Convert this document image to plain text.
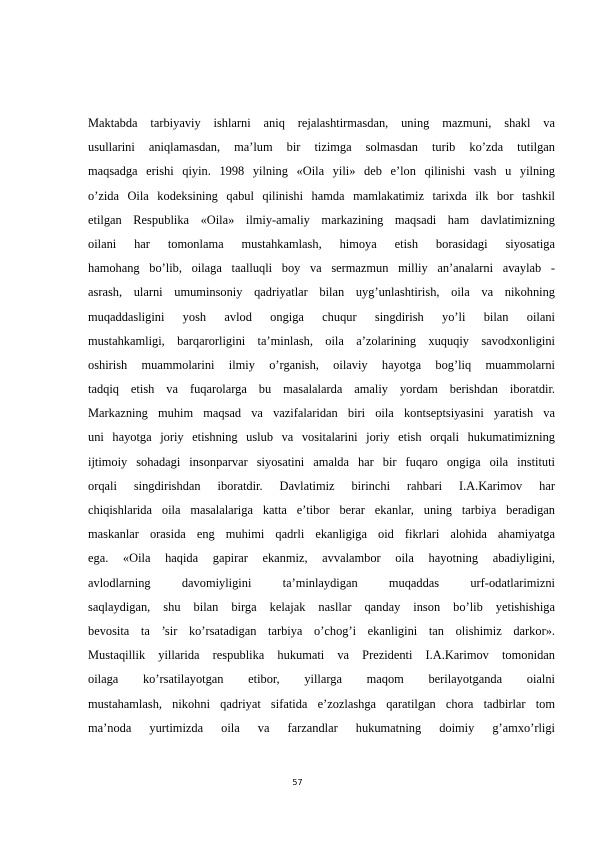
Maktabda tarbiyaviy ishlarni aniq rejalashtirmasdan, uning mazmuni, shakl va
usullarini aniqlamasdan, ma’lum bir tizimga solmasdan turib ko’zda tutilgan
maqsadga erishi qiyin. 1998 yilning «Oila yili» deb e’lon qilinishi vash u yilning
o’zida Oila kodeksining qabul qilinishi hamda mamlakatimiz tarixda ilk bor tashkil
etilgan Respublika «Oila» ilmiy-amaliy markazining maqsadi ham davlatimizning
oilani har tomonlama mustahkamlash, himoya etish borasidagi siyosatiga
hamohang bo’lib, oilaga taalluqli boy va sermazmun milliy an’analarni avaylab -
asrash, ularni umuminsoniy qadriyatlar bilan uyg’unlashtirish, oila va nikohning
muqaddasligini yosh avlod ongiga chuqur singdirish yo’li bilan oilani
mustahkamligi, barqarorligini ta’minlash, oila a’zolarining xuquqiy savodxonligini
oshirish muammolarini ilmiy o’rganish, oilaviy hayotga bog’liq muammolarni
tadqiq etish va fuqarolarga bu masalalarda amaliy yordam berishdan iboratdir.
Markazning muhim maqsad va vazifalaridan biri oila kontseptsiyasini yaratish va
uni hayotga joriy etishning uslub va vositalarini joriy etish orqali hukumatimizning
ijtimoiy sohadagi insonparvar siyosatini amalda har bir fuqaro ongiga oila instituti
orqali singdirishdan iboratdir. Davlatimiz birinchi rahbari I.A.Karimov har
chiqishlarida oila masalalariga katta e’tibor berar ekanlar, uning tarbiya beradigan
maskanlar orasida eng muhimi qadrli ekanligiga oid fikrlari alohida ahamiyatga
ega. «Oila haqida gapirar ekanmiz, avvalambor oila hayotning abadiyligini,
avlodlarning davomiyligini ta’minlaydigan muqaddas urf-odatlarimizni
saqlaydigan, shu bilan birga kelajak nasllar qanday inson bo’lib yetishishiga
bevosita ta ’sir ko’rsatadigan tarbiya o’chog’i ekanligini tan olishimiz darkor».
Mustaqillik yillarida respublika hukumati va Prezidenti I.A.Karimov tomonidan
oilaga ko’rsatilayotgan etibor, yillarga maqom berilayotganda oialni
mustahamlash, nikohni qadriyat sifatida e’zozlashga qaratilgan chora tadbirlar tom
ma’noda yurtimizda oila va farzandlar hukumatning doimiy g’amxo’rligi
57
